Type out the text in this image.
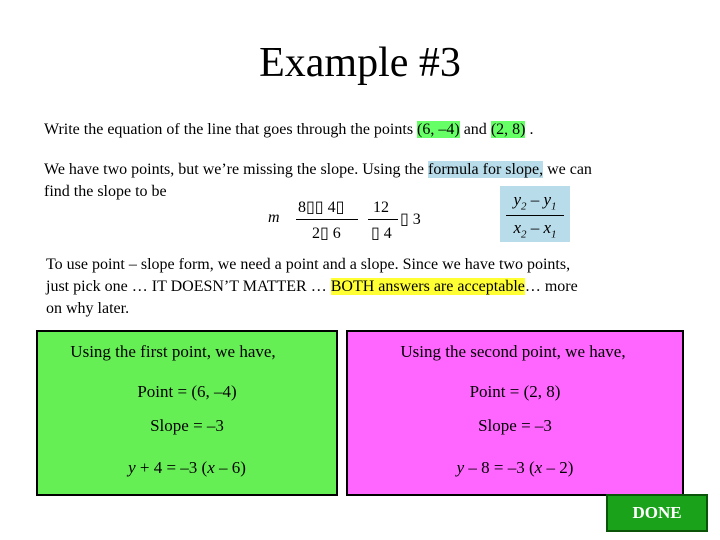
Example #3
Write the equation of the line that goes through the points (6, –4) and (2, 8) .
We have two points, but we’re missing the slope. Using the formula for slope, we can
find the slope to be
m
8▯▯ 4▯
2▯ 6
12
▯ 4
▯ 3
$y_2 - y_1$
$x_2 - x_1$
To use point – slope form, we need a point and a slope. Since we have two points,
just pick one … IT DOESN’T MATTER … BOTH answers are acceptable… more
on why later.
Using the first point, we have,
Point = (6, –4)
Slope = –3
y + 4 = –3 (x – 6)
Using the second point, we have,
Point = (2, 8)
Slope = –3
y – 8 = –3 (x – 2)
DONE
